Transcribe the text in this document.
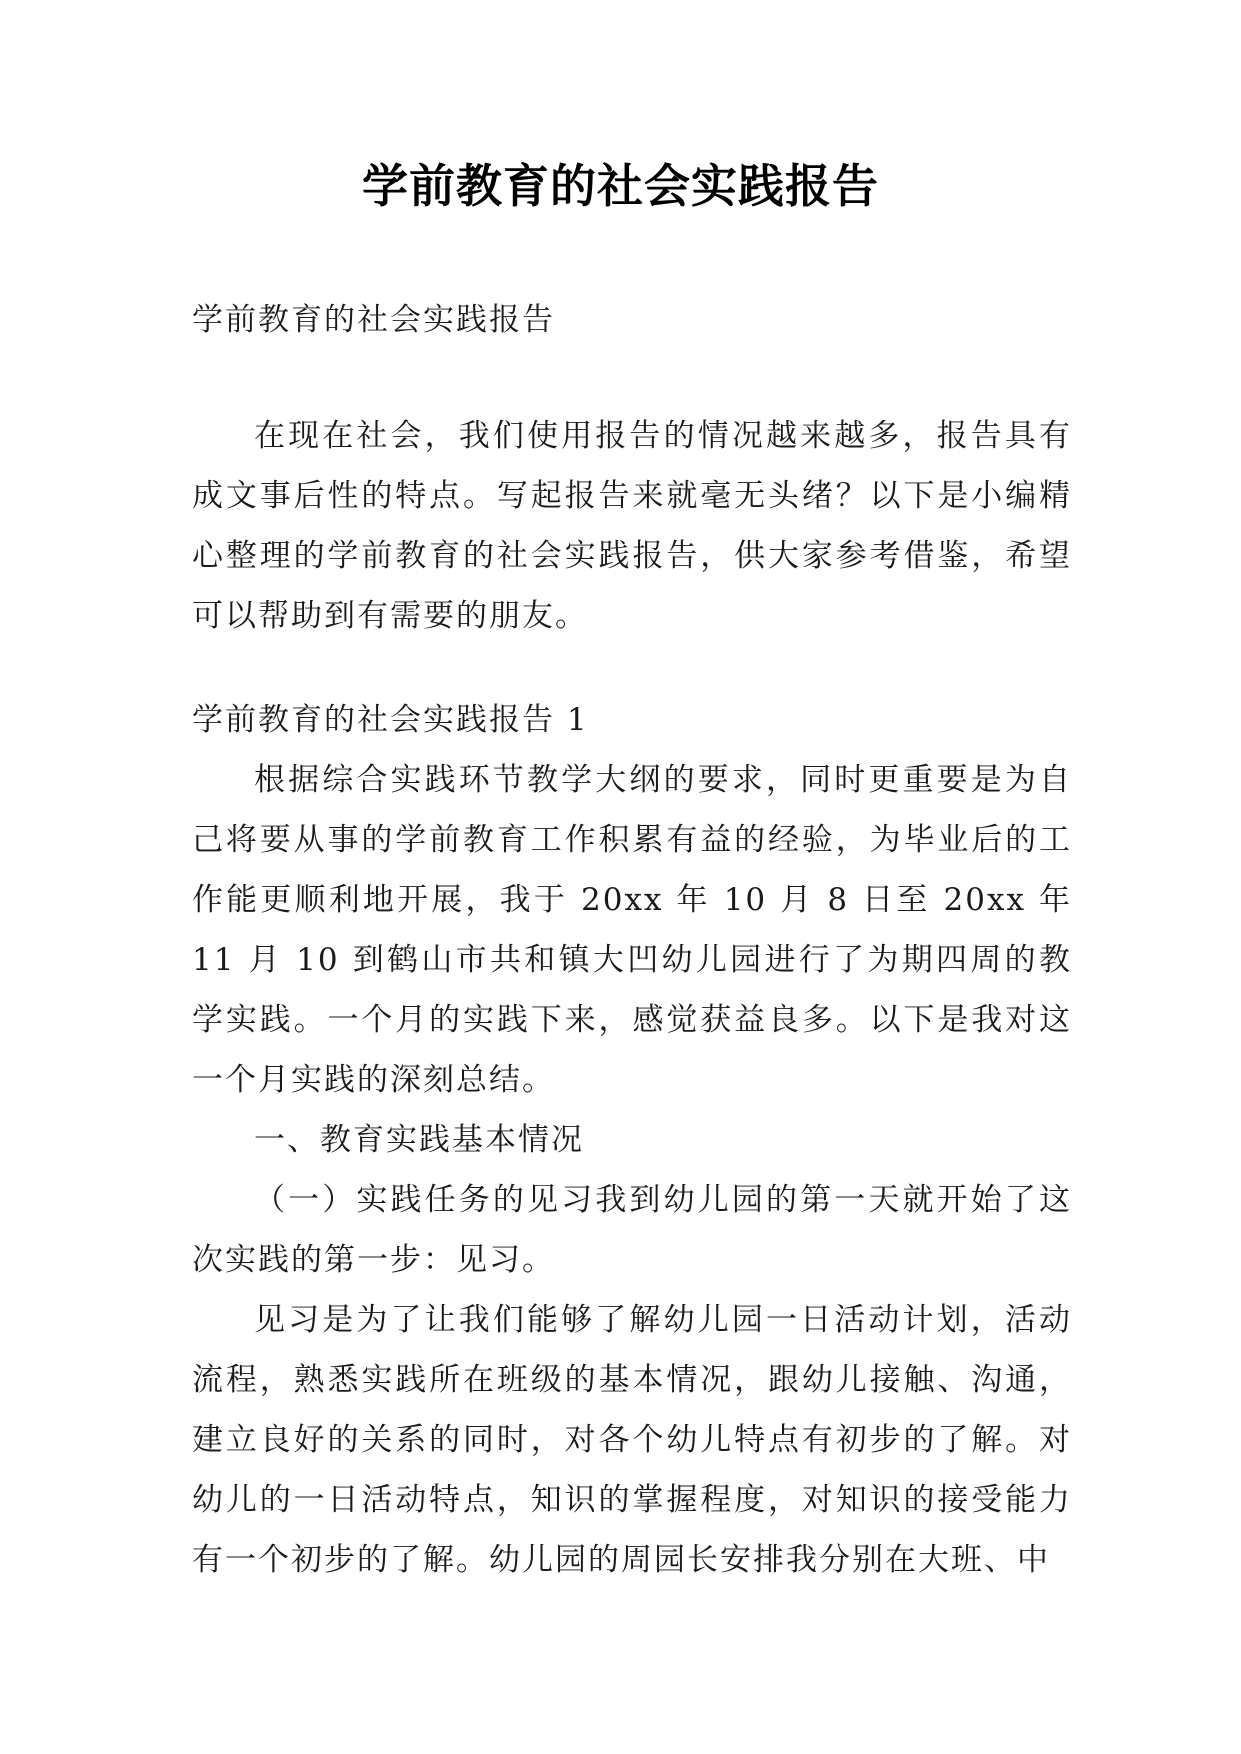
学前教育的社会实践报告
学前教育的社会实践报告

在现在社会，我们使用报告的情况越来越多，报告具有成文事后性的特点。写起报告来就毫无头绪？以下是小编精心整理的学前教育的社会实践报告，供大家参考借鉴，希望可以帮助到有需要的朋友。

学前教育的社会实践报告 1

根据综合实践环节教学大纲的要求，同时更重要是为自己将要从事的学前教育工作积累有益的经验，为毕业后的工作能更顺利地开展，我于 20xx 年 10 月 8 日至 20xx 年 11 月 10 到鹤山市共和镇大凹幼儿园进行了为期四周的教学实践。一个月的实践下来，感觉获益良多。以下是我对这一个月实践的深刻总结。

一、教育实践基本情况

（一）实践任务的见习我到幼儿园的第一天就开始了这次实践的第一步：见习。

见习是为了让我们能够了解幼儿园一日活动计划，活动流程，熟悉实践所在班级的基本情况，跟幼儿接触、沟通，建立良好的关系的同时，对各个幼儿特点有初步的了解。对幼儿的一日活动特点，知识的掌握程度，对知识的接受能力有一个初步的了解。幼儿园的周园长安排我分别在大班、中
